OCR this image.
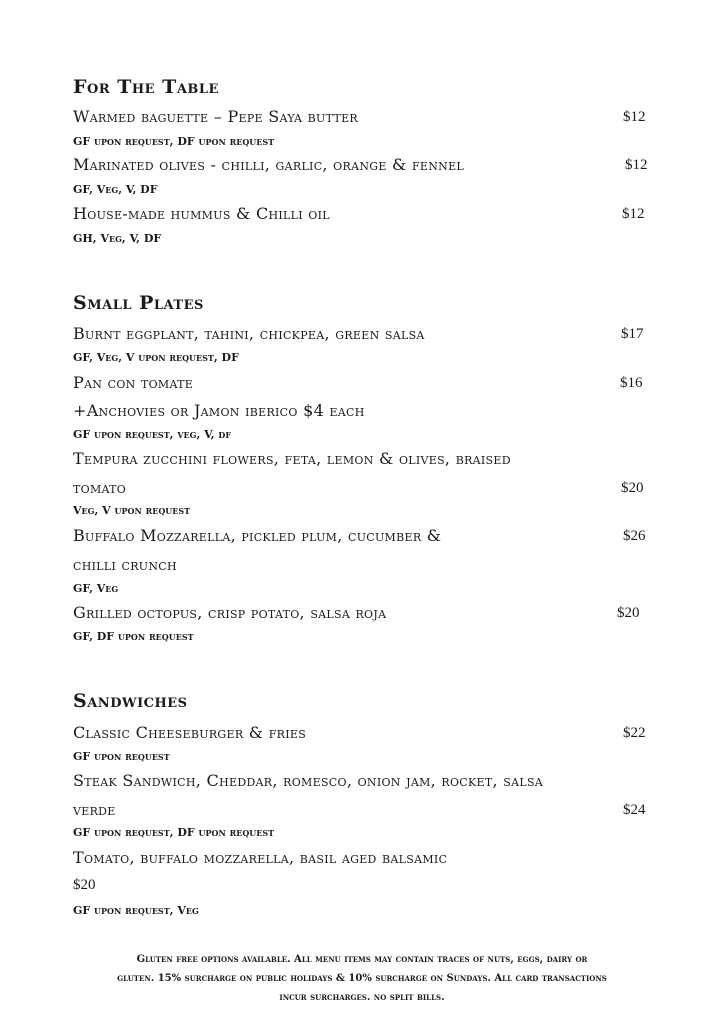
For The Table
Warmed baguette – Pepe Saya butter	$12
GF upon request, DF upon request
Marinated olives - chilli, garlic, orange & fennel	$12
GF, Veg, V, DF
House-made hummus & Chilli oil	$12
GH, Veg, V, DF
Small Plates
Burnt eggplant, tahini, chickpea, green salsa	$17
GF, Veg, V upon request, DF
Pan con tomate	$16
+Anchovies or Jamon iberico $4 each
GF upon request, veg, V, df
Tempura zucchini flowers, feta, lemon & olives, braised
tomato	$20
Veg, V upon request
Buffalo Mozzarella, pickled plum, cucumber &	$26
chilli crunch
GF, Veg
Grilled octopus, crisp potato, salsa roja	$20
GF, DF upon request
Sandwiches
Classic Cheeseburger & fries	$22
GF upon request
Steak Sandwich, Cheddar, romesco, onion jam, rocket, salsa
verde	$24
GF upon request, DF upon request
Tomato, buffalo mozzarella, basil aged balsamic
$20
GF upon request, Veg
Gluten free options available. All menu items may contain traces of nuts, eggs, dairy or
gluten. 15% surcharge on public holidays & 10% surcharge on Sundays. All card transactions
incur surcharges. no split bills.
